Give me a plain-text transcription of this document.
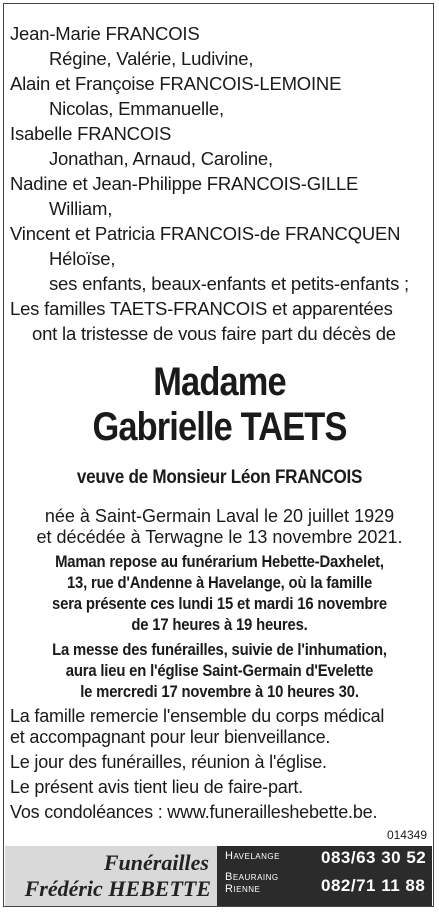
Jean-Marie FRANCOIS
Régine, Valérie, Ludivine,
Alain et Françoise FRANCOIS-LEMOINE
Nicolas, Emmanuelle,
Isabelle FRANCOIS
Jonathan, Arnaud, Caroline,
Nadine et Jean-Philippe FRANCOIS-GILLE
William,
Vincent et Patricia FRANCOIS-de FRANCQUEN
Héloïse,
ses enfants, beaux-enfants et petits-enfants ;
Les familles TAETS-FRANCOIS et apparentées
ont la tristesse de vous faire part du décès de
Madame
Gabrielle TAETS
veuve de Monsieur Léon FRANCOIS
née à Saint-Germain Laval le 20 juillet 1929
et décédée à Terwagne le 13 novembre 2021.
Maman repose au funérarium Hebette-Daxhelet,
13, rue d'Andenne à Havelange, où la famille
sera présente ces lundi 15 et mardi 16 novembre
de 17 heures à 19 heures.
La messe des funérailles, suivie de l'inhumation,
aura lieu en l'église Saint-Germain d'Evelette
le mercredi 17 novembre à 10 heures 30.
La famille remercie l'ensemble du corps médical
et accompagnant pour leur bienveillance.
Le jour des funérailles, réunion à l'église.
Le présent avis tient lieu de faire-part.
Vos condoléances : www.funerailleshebette.be.
014349
Funérailles
Frédéric HEBETTE
Havelange 083/63 30 52
Beauraing
Rienne	082/71 11 88
